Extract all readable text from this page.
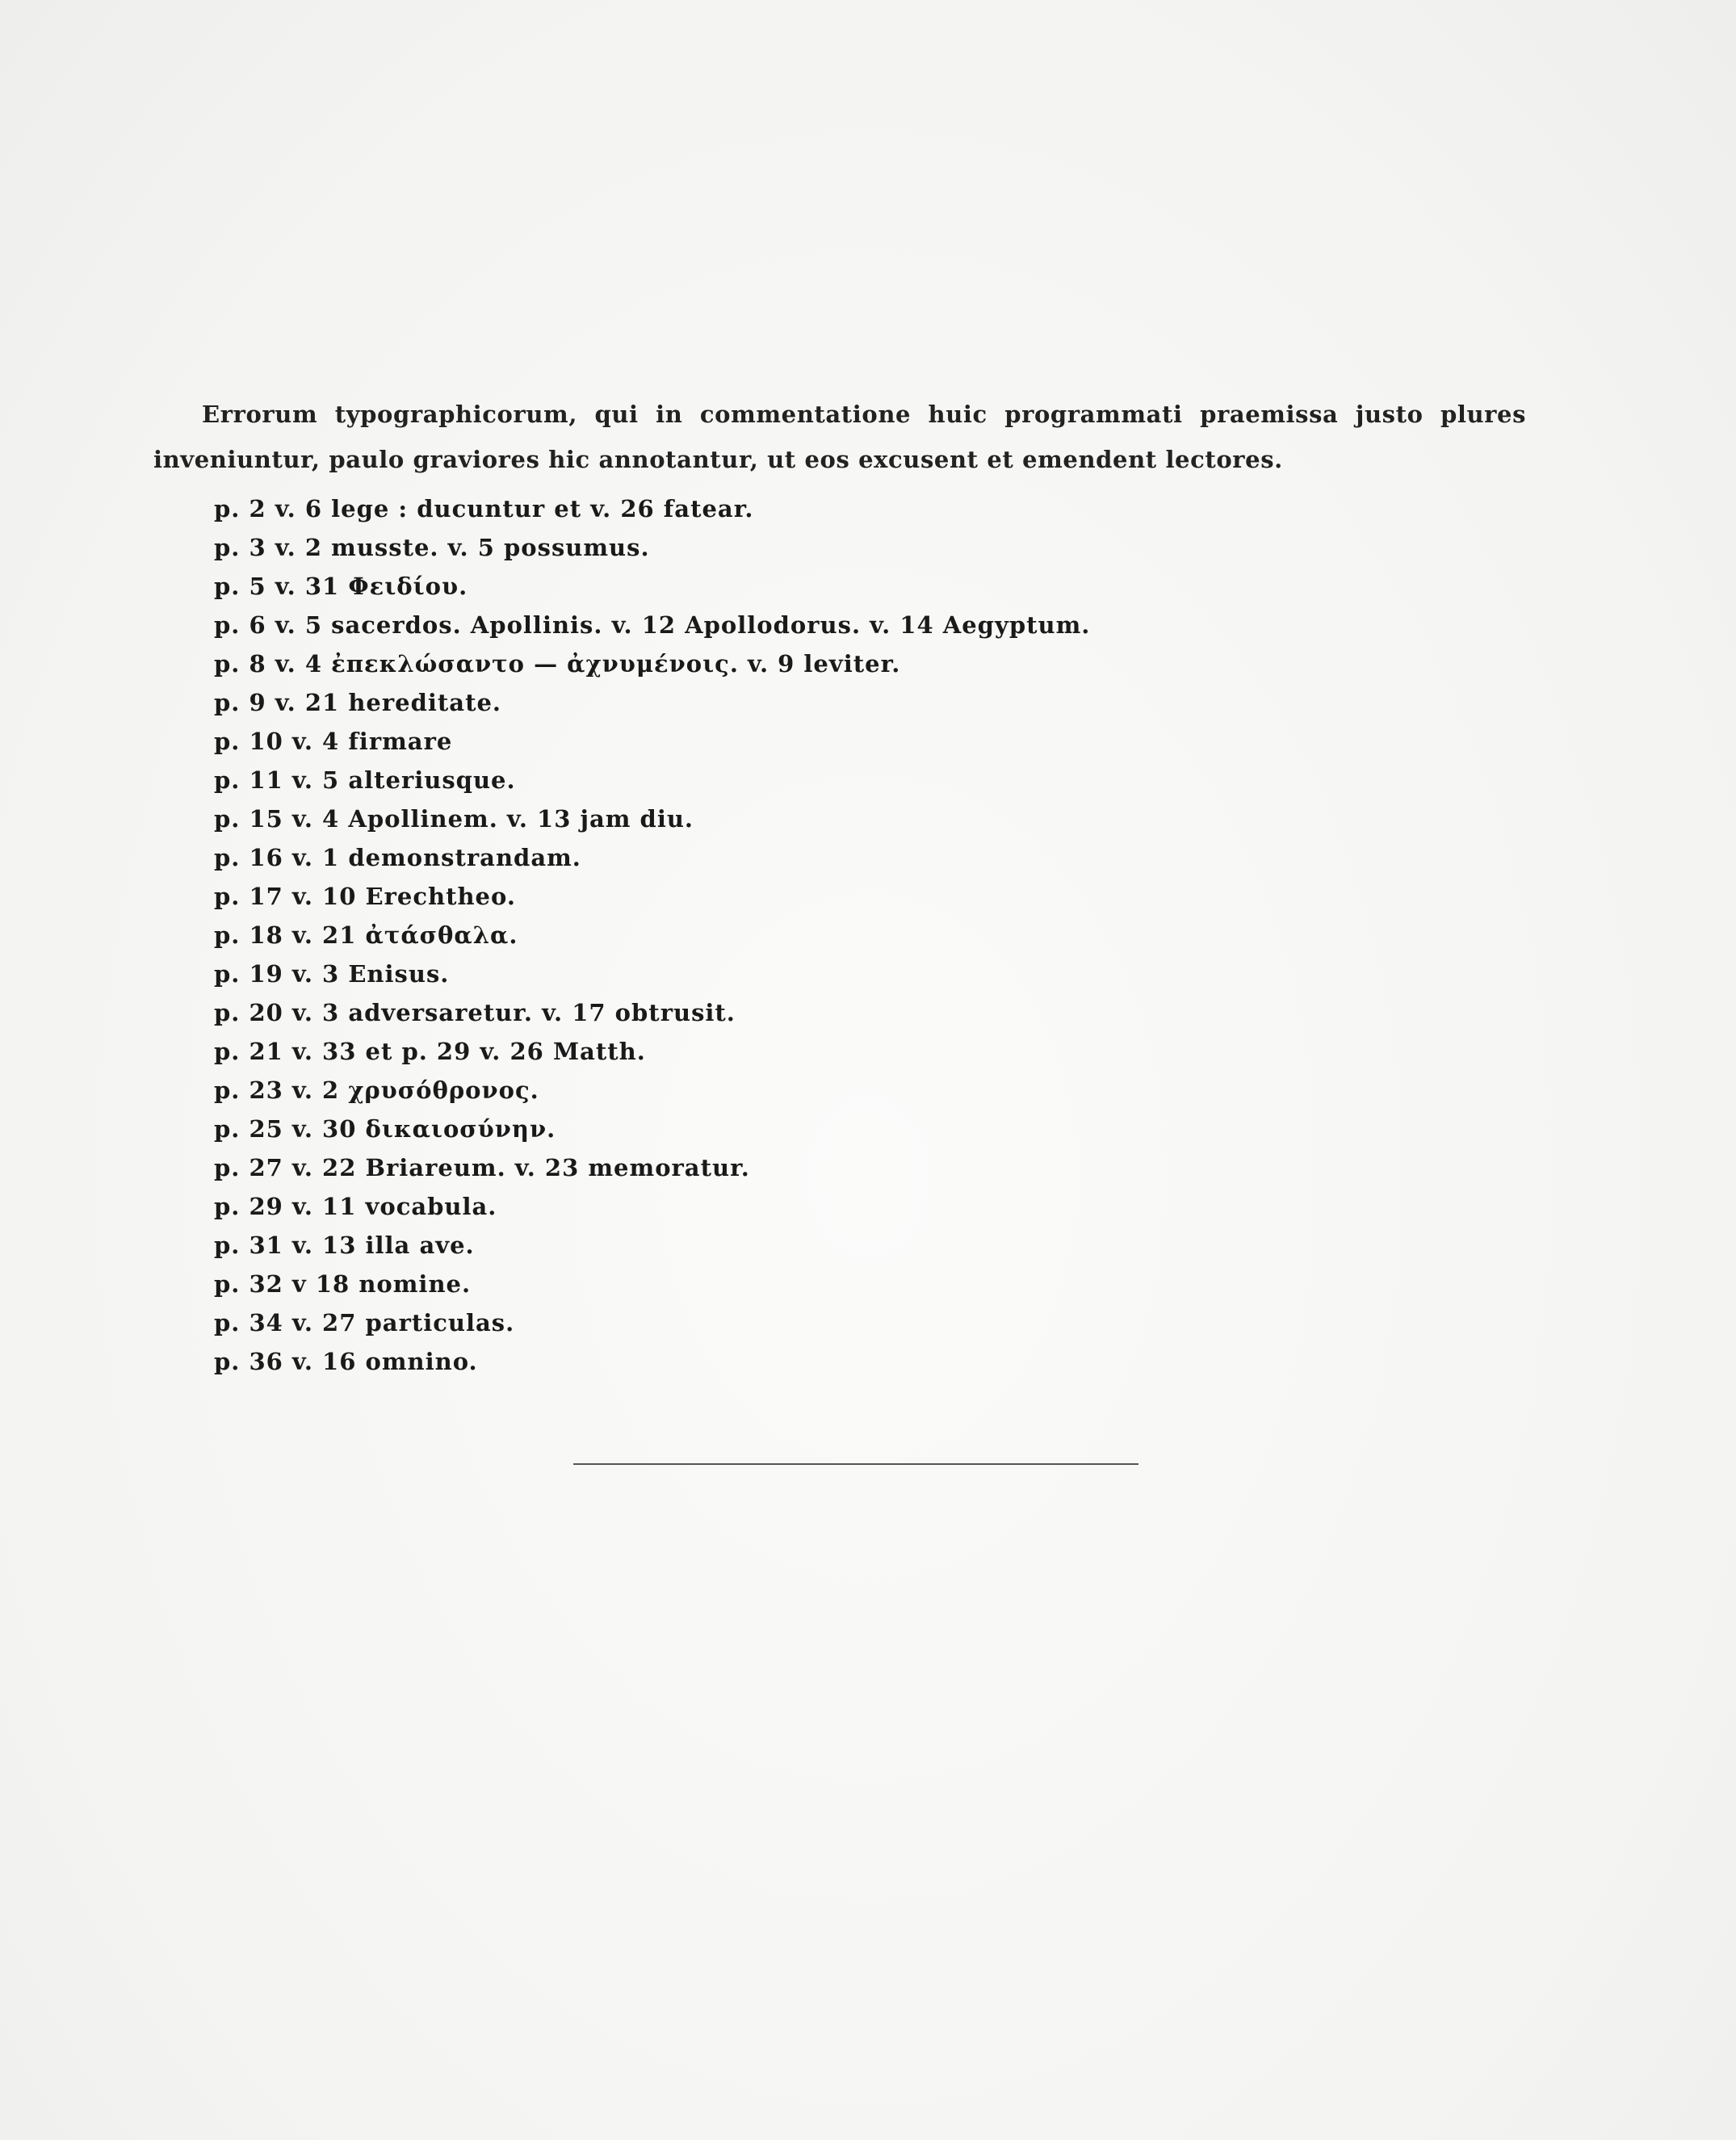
Errorum typographicorum, qui in commentatione huic programmati praemissa justo plures inveniuntur, paulo graviores hic annotantur, ut eos excusent et emendent lectores.

p. 2 v. 6 lege : ducuntur et v. 26 fatear.
p. 3 v. 2 musste. v. 5 possumus.
p. 5 v. 31 Φειδίου.
p. 6 v. 5 sacerdos. Apollinis. v. 12 Apollodorus. v. 14 Aegyptum.
p. 8 v. 4 ἐπεκλώσαντο — ἀχνυμένοις. v. 9 leviter.
p. 9 v. 21 hereditate.
p. 10 v. 4 firmare
p. 11 v. 5 alteriusque.
p. 15 v. 4 Apollinem. v. 13 jam diu.
p. 16 v. 1 demonstrandam.
p. 17 v. 10 Erechtheo.
p. 18 v. 21 ἀτάσθαλα.
p. 19 v. 3 Enisus.
p. 20 v. 3 adversaretur. v. 17 obtrusit.
p. 21 v. 33 et p. 29 v. 26 Matth.
p. 23 v. 2 χρυσόθρονος.
p. 25 v. 30 δικαιοσύνην.
p. 27 v. 22 Briareum. v. 23 memoratur.
p. 29 v. 11 vocabula.
p. 31 v. 13 illa ave.
p. 32 v 18 nomine.
p. 34 v. 27 particulas.
p. 36 v. 16 omnino.
